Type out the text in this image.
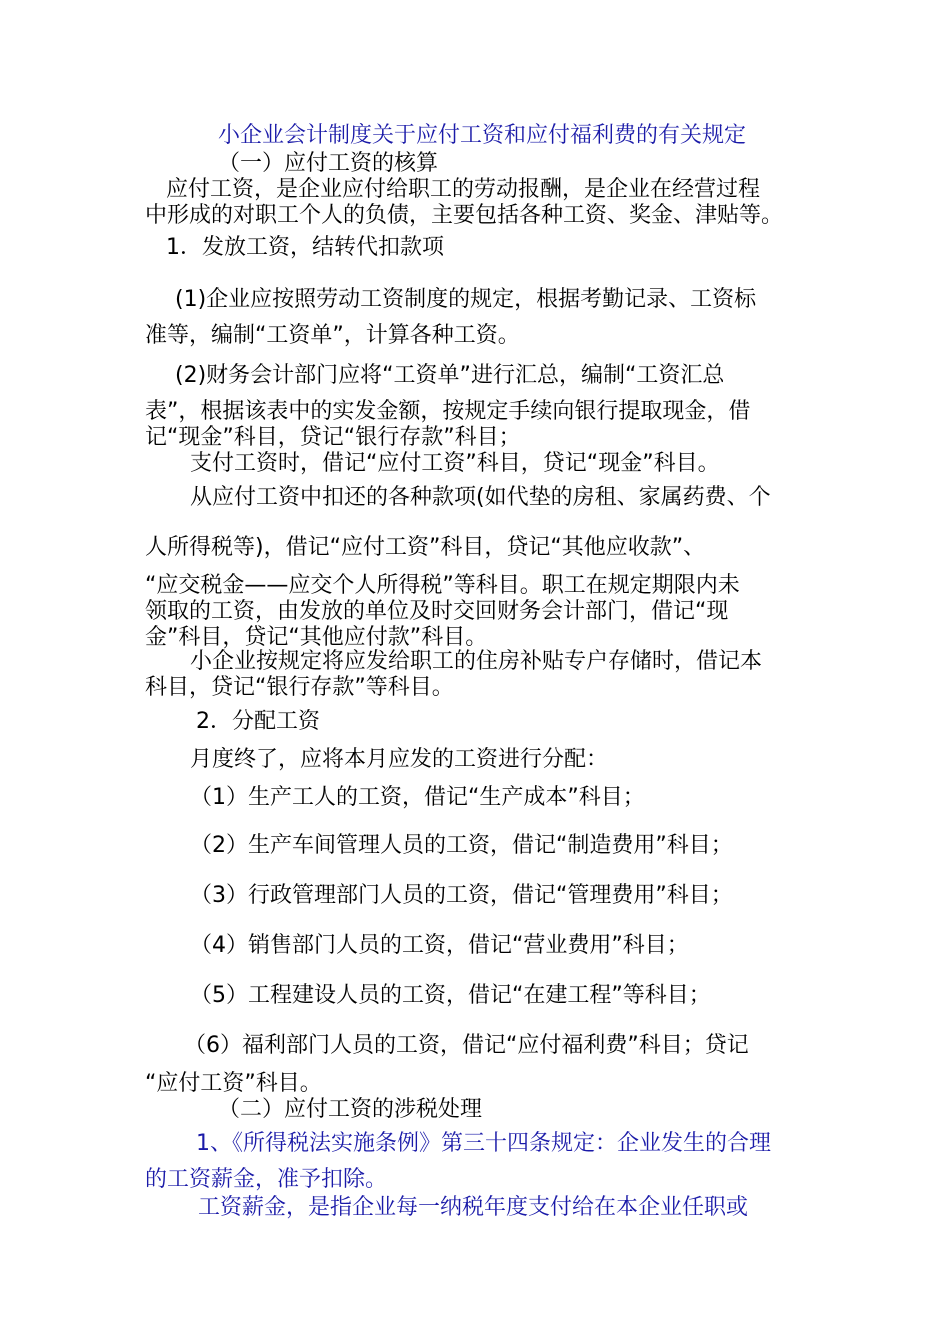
小企业会计制度关于应付工资和应付福利费的有关规定
（一）应付工资的核算
应付工资，是企业应付给职工的劳动报酬，是企业在经营过程
中形成的对职工个人的负债，主要包括各种工资、奖金、津贴等。
1．发放工资，结转代扣款项
(1)企业应按照劳动工资制度的规定，根据考勤记录、工资标
准等，编制“工资单”，计算各种工资。
(2)财务会计部门应将“工资单”进行汇总，编制“工资汇总
表”，根据该表中的实发金额，按规定手续向银行提取现金，借
记“现金”科目，贷记“银行存款”科目；
支付工资时，借记“应付工资”科目，贷记“现金”科目。
从应付工资中扣还的各种款项(如代垫的房租、家属药费、个
人所得税等)，借记“应付工资”科目，贷记“其他应收款”、
“应交税金——应交个人所得税”等科目。职工在规定期限内未
领取的工资，由发放的单位及时交回财务会计部门，借记“现
金”科目，贷记“其他应付款”科目。
小企业按规定将应发给职工的住房补贴专户存储时，借记本
科目，贷记“银行存款”等科目。
2．分配工资
月度终了，应将本月应发的工资进行分配：
（1）生产工人的工资，借记“生产成本”科目；
（2）生产车间管理人员的工资，借记“制造费用”科目；
（3）行政管理部门人员的工资，借记“管理费用”科目；
（4）销售部门人员的工资，借记“营业费用”科目；
（5）工程建设人员的工资，借记“在建工程”等科目；
（6）福利部门人员的工资，借记“应付福利费”科目；贷记
“应付工资”科目。
（二）应付工资的涉税处理
1、《所得税法实施条例》第三十四条规定：企业发生的合理
的工资薪金，准予扣除。
工资薪金，是指企业每一纳税年度支付给在本企业任职或
